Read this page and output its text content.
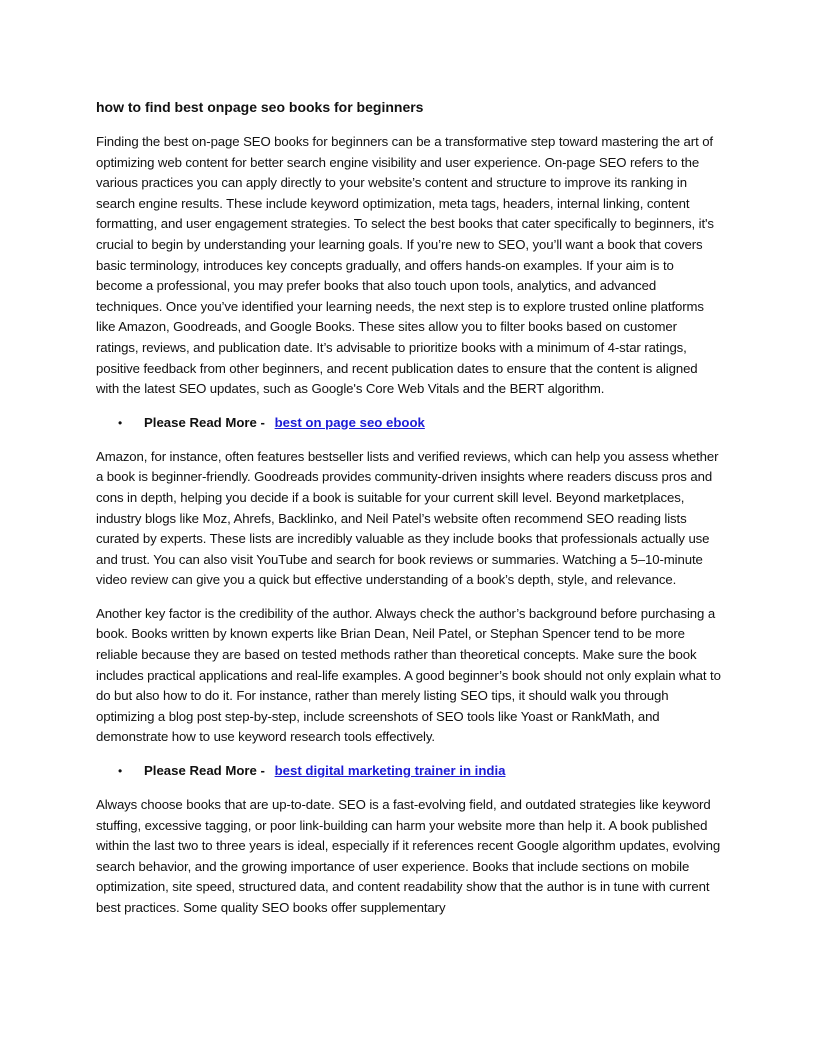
how to find best onpage seo books for beginners

Finding the best on-page SEO books for beginners can be a transformative step toward mastering the art of optimizing web content for better search engine visibility and user experience. On-page SEO refers to the various practices you can apply directly to your website’s content and structure to improve its ranking in search engine results. These include keyword optimization, meta tags, headers, internal linking, content formatting, and user engagement strategies. To select the best books that cater specifically to beginners, it's crucial to begin by understanding your learning goals. If you’re new to SEO, you’ll want a book that covers basic terminology, introduces key concepts gradually, and offers hands-on examples. If your aim is to become a professional, you may prefer books that also touch upon tools, analytics, and advanced techniques. Once you’ve identified your learning needs, the next step is to explore trusted online platforms like Amazon, Goodreads, and Google Books. These sites allow you to filter books based on customer ratings, reviews, and publication date. It’s advisable to prioritize books with a minimum of 4-star ratings, positive feedback from other beginners, and recent publication dates to ensure that the content is aligned with the latest SEO updates, such as Google's Core Web Vitals and the BERT algorithm.

• Please Read More - best on page seo ebook

Amazon, for instance, often features bestseller lists and verified reviews, which can help you assess whether a book is beginner-friendly. Goodreads provides community-driven insights where readers discuss pros and cons in depth, helping you decide if a book is suitable for your current skill level. Beyond marketplaces, industry blogs like Moz, Ahrefs, Backlinko, and Neil Patel’s website often recommend SEO reading lists curated by experts. These lists are incredibly valuable as they include books that professionals actually use and trust. You can also visit YouTube and search for book reviews or summaries. Watching a 5–10-minute video review can give you a quick but effective understanding of a book’s depth, style, and relevance.

Another key factor is the credibility of the author. Always check the author’s background before purchasing a book. Books written by known experts like Brian Dean, Neil Patel, or Stephan Spencer tend to be more reliable because they are based on tested methods rather than theoretical concepts. Make sure the book includes practical applications and real-life examples. A good beginner’s book should not only explain what to do but also how to do it. For instance, rather than merely listing SEO tips, it should walk you through optimizing a blog post step-by-step, include screenshots of SEO tools like Yoast or RankMath, and demonstrate how to use keyword research tools effectively.

• Please Read More - best digital marketing trainer in india

Always choose books that are up-to-date. SEO is a fast-evolving field, and outdated strategies like keyword stuffing, excessive tagging, or poor link-building can harm your website more than help it. A book published within the last two to three years is ideal, especially if it references recent Google algorithm updates, evolving search behavior, and the growing importance of user experience. Books that include sections on mobile optimization, site speed, structured data, and content readability show that the author is in tune with current best practices. Some quality SEO books offer supplementary
